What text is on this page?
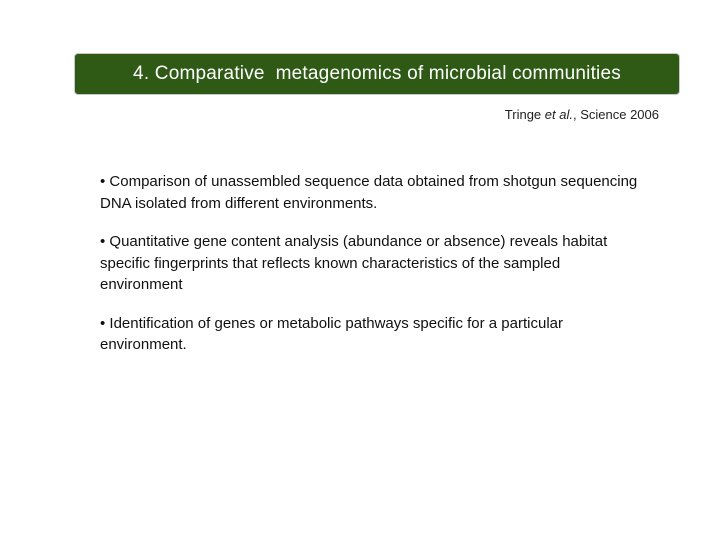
4. Comparative  metagenomics of microbial communities
Tringe et al., Science 2006
• Comparison of unassembled sequence data obtained from shotgun sequencing DNA isolated from different environments.
• Quantitative gene content analysis (abundance or absence) reveals habitat specific fingerprints that reflects known characteristics of the sampled environment
• Identification of genes or metabolic pathways specific for a particular environment.
